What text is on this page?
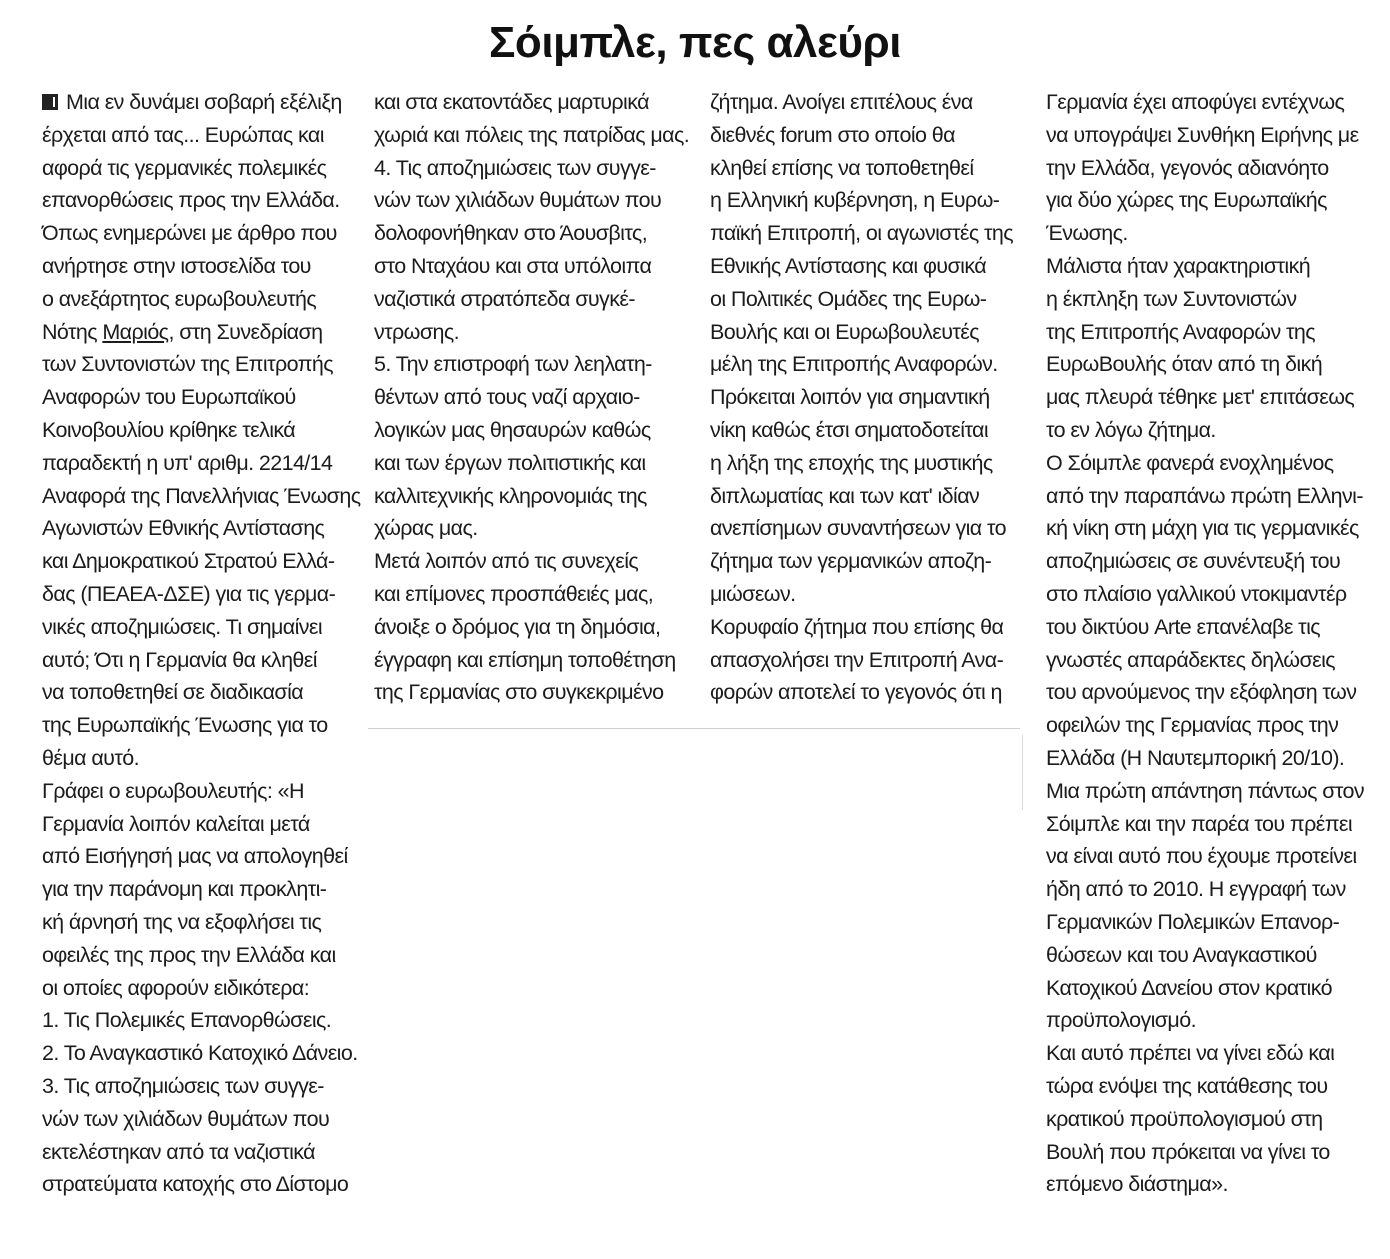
Σόιμπλε, πες αλεύρι

Μια εν δυνάμει σοβαρή εξέλιξη
έρχεται από τας... Ευρώπας και
αφορά τις γερμανικές πολεμικές
επανορθώσεις προς την Ελλάδα.
Όπως ενημερώνει με άρθρο που
ανήρτησε στην ιστοσελίδα του
ο ανεξάρτητος ευρωβουλευτής
Νότης Μαριός, στη Συνεδρίαση
των Συντονιστών της Επιτροπής
Αναφορών του Ευρωπαϊκού
Κοινοβουλίου κρίθηκε τελικά
παραδεκτή η υπ' αριθμ. 2214/14
Αναφορά της Πανελλήνιας Ένωσης
Αγωνιστών Εθνικής Αντίστασης
και Δημοκρατικού Στρατού Ελλά-
δας (ΠΕΑΕΑ-ΔΣΕ) για τις γερμα-
νικές αποζημιώσεις. Τι σημαίνει
αυτό; Ότι η Γερμανία θα κληθεί
να τοποθετηθεί σε διαδικασία
της Ευρωπαϊκής Ένωσης για το
θέμα αυτό.

Γράφει ο ευρωβουλευτής: «Η
Γερμανία λοιπόν καλείται μετά
από Εισήγησή μας να απολογηθεί
για την παράνομη και προκλητι-
κή άρνησή της να εξοφλήσει τις
οφειλές της προς την Ελλάδα και
οι οποίες αφορούν ειδικότερα:
1. Τις Πολεμικές Επανορθώσεις.
2. Το Αναγκαστικό Κατοχικό Δάνειο.
3. Τις αποζημιώσεις των συγγε-
νών των χιλιάδων θυμάτων που
εκτελέστηκαν από τα ναζιστικά
στρατεύματα κατοχής στο Δίστομο

και στα εκατοντάδες μαρτυρικά
χωριά και πόλεις της πατρίδας μας.
4. Τις αποζημιώσεις των συγγε-
νών των χιλιάδων θυμάτων που
δολοφονήθηκαν στο Άουσβιτς,
στο Νταχάου και στα υπόλοιπα
ναζιστικά στρατόπεδα συγκέ-
ντρωσης.
5. Την επιστροφή των λεηλατη-
θέντων από τους ναζί αρχαιο-
λογικών μας θησαυρών καθώς
και των έργων πολιτιστικής και
καλλιτεχνικής κληρονομιάς της
χώρας μας.

Μετά λοιπόν από τις συνεχείς
και επίμονες προσπάθειές μας,
άνοιξε ο δρόμος για τη δημόσια,
έγγραφη και επίσημη τοποθέτηση
της Γερμανίας στο συγκεκριμένο

ζήτημα. Ανοίγει επιτέλους ένα
διεθνές forum στο οποίο θα
κληθεί επίσης να τοποθετηθεί
η Ελληνική κυβέρνηση, η Ευρω-
παϊκή Επιτροπή, οι αγωνιστές της
Εθνικής Αντίστασης και φυσικά
οι Πολιτικές Ομάδες της Ευρω-
Βουλής και οι Ευρωβουλευτές
μέλη της Επιτροπής Αναφορών.
Πρόκειται λοιπόν για σημαντική
νίκη καθώς έτσι σηματοδοτείται
η λήξη της εποχής της μυστικής
διπλωματίας και των κατ' ιδίαν
ανεπίσημων συναντήσεων για το
ζήτημα των γερμανικών αποζη-
μιώσεων.

Κορυφαίο ζήτημα που επίσης θα
απασχολήσει την Επιτροπή Ανα-
φορών αποτελεί το γεγονός ότι η

Γερμανία έχει αποφύγει εντέχνως
να υπογράψει Συνθήκη Ειρήνης με
την Ελλάδα, γεγονός αδιανόητο
για δύο χώρες της Ευρωπαϊκής
Ένωσης.

Μάλιστα ήταν χαρακτηριστική
η έκπληξη των Συντονιστών
της Επιτροπής Αναφορών της
ΕυρωΒουλής όταν από τη δική
μας πλευρά τέθηκε μετ' επιτάσεως
το εν λόγω ζήτημα.

Ο Σόιμπλε φανερά ενοχλημένος
από την παραπάνω πρώτη Ελληνι-
κή νίκη στη μάχη για τις γερμανικές
αποζημιώσεις σε συνέντευξή του
στο πλαίσιο γαλλικού ντοκιμαντέρ
του δικτύου Arte επανέλαβε τις
γνωστές απαράδεκτες δηλώσεις
του αρνούμενος την εξόφληση των
οφειλών της Γερμανίας προς την
Ελλάδα (Η Ναυτεμπορική 20/10).
Μια πρώτη απάντηση πάντως στον
Σόιμπλε και την παρέα του πρέπει
να είναι αυτό που έχουμε προτείνει
ήδη από το 2010. Η εγγραφή των
Γερμανικών Πολεμικών Επανορ-
θώσεων και του Αναγκαστικού
Κατοχικού Δανείου στον κρατικό
προϋπολογισμό.

Και αυτό πρέπει να γίνει εδώ και
τώρα ενόψει της κατάθεσης του
κρατικού προϋπολογισμού στη
Βουλή που πρόκειται να γίνει το
επόμενο διάστημα».
